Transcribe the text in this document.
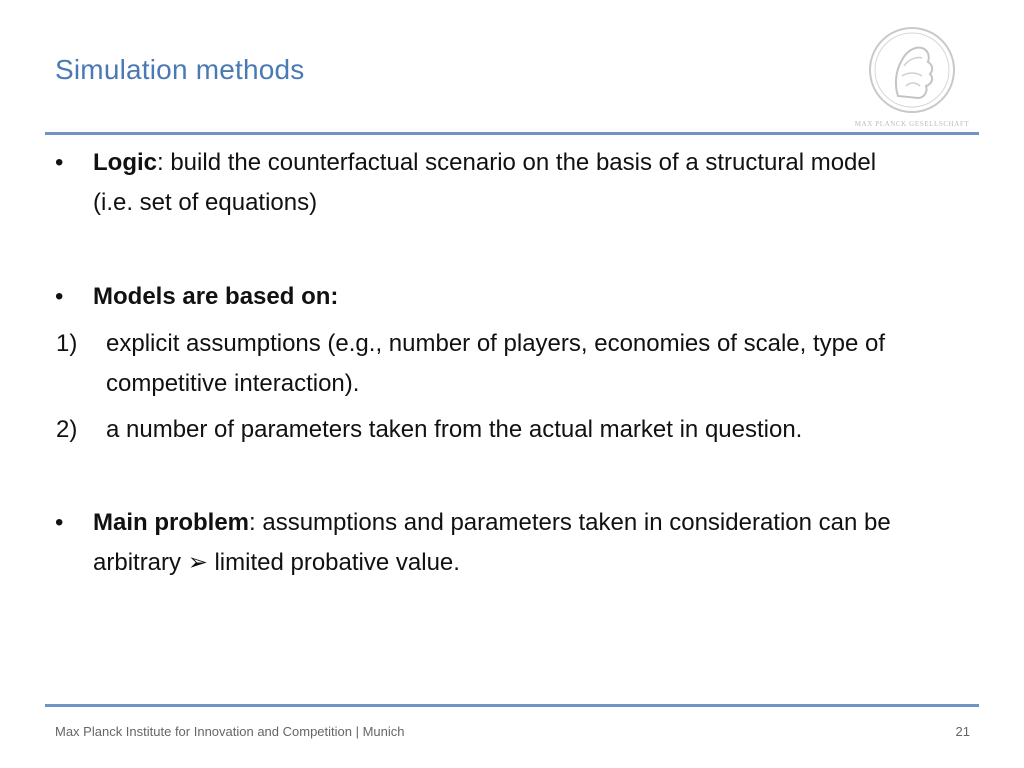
Simulation methods
MAX PLANCK GESELLSCHAFT
• Logic: build the counterfactual scenario on the basis of a structural model
(i.e. set of equations)
• Models are based on:
1) explicit assumptions (e.g., number of players, economies of scale, type of
competitive interaction).
2) a number of parameters taken from the actual market in question.
• Main problem: assumptions and parameters taken in consideration can be
arbitrary ➢ limited probative value.
Max Planck Institute for Innovation and Competition | Munich	21
